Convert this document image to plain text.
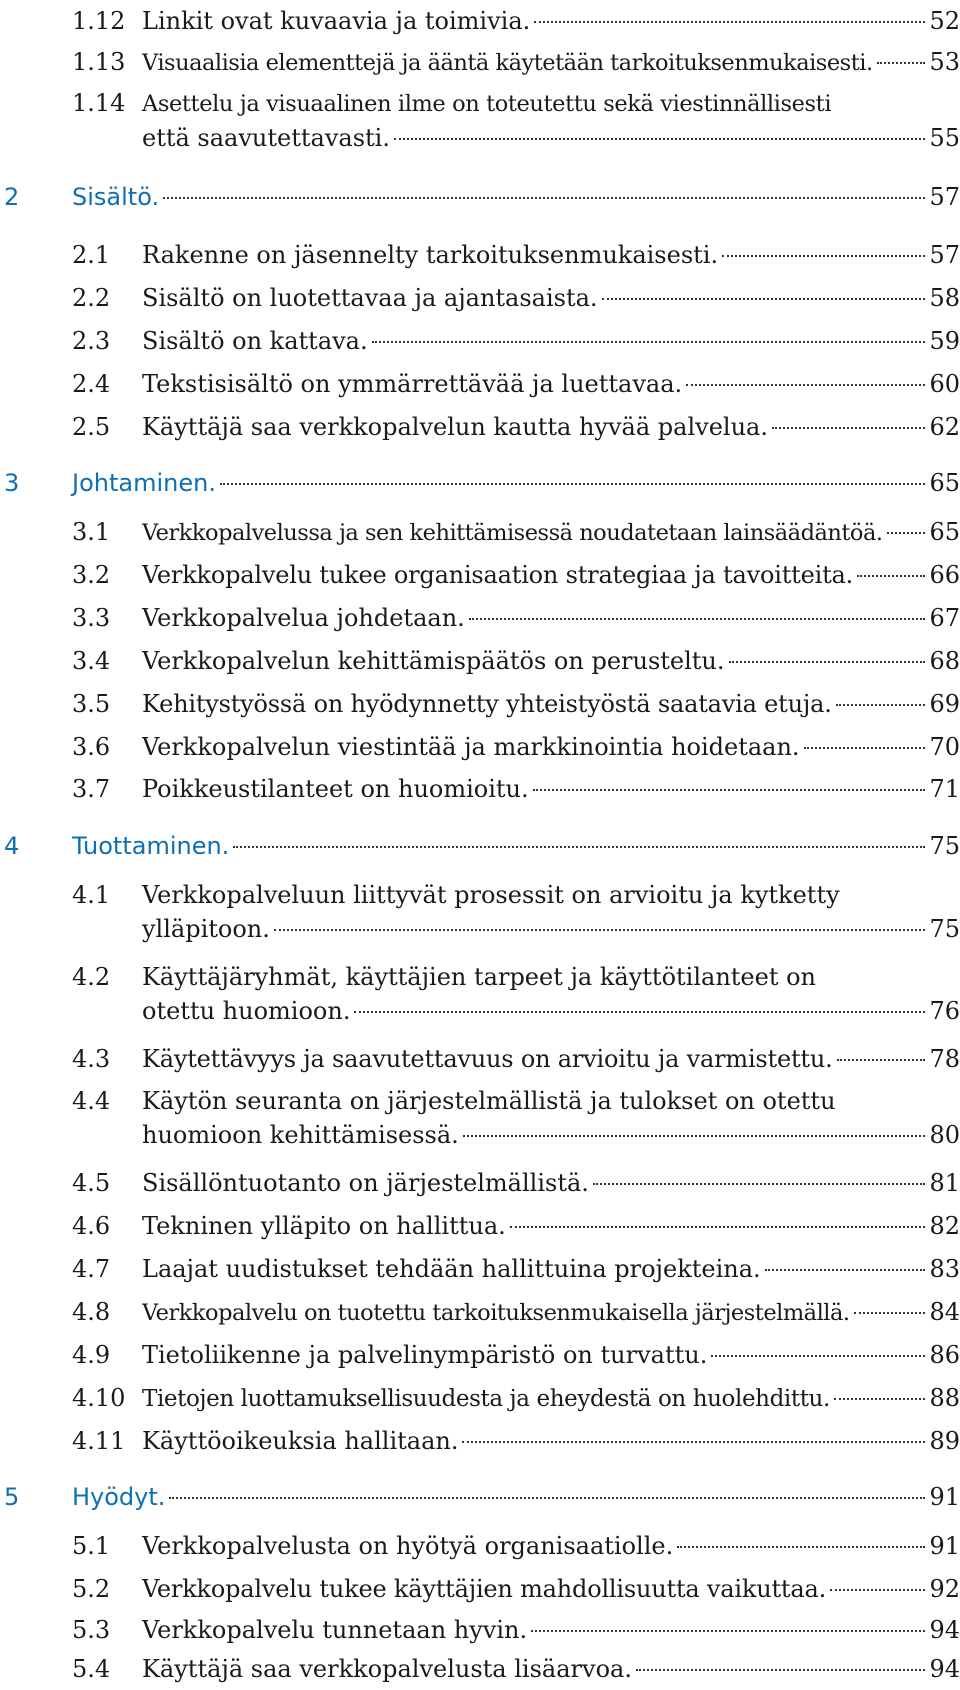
1.12 Linkit ovat kuvaavia ja toimivia.	52
1.13 Visuaalisia elementtejä ja ääntä käytetään tarkoituksenmukaisesti. 53
1.14 Asettelu ja visuaalinen ilme on toteutettu sekä viestinnällisesti
että saavutettavasti.	55
2	Sisältö.	57
2.1	Rakenne on jäsennelty tarkoituksenmukaisesti.	57
2.2	Sisältö on luotettavaa ja ajantasaista.	58
2.3	Sisältö on kattava.	59
2.4	Tekstisisältö on ymmärrettävää ja luettavaa.	60
2.5	Käyttäjä saa verkkopalvelun kautta hyvää palvelua.	62
3	Johtaminen.	65
3.1	Verkkopalvelussa ja sen kehittämisessä noudatetaan lainsäädäntöä. 65
3.2	Verkkopalvelu tukee organisaation strategiaa ja tavoitteita.	66
3.3	Verkkopalvelua johdetaan.	67
3.4	Verkkopalvelun kehittämispäätös on perusteltu.	68
3.5	Kehitystyössä on hyödynnetty yhteistyöstä saatavia etuja.	69
3.6	Verkkopalvelun viestintää ja markkinointia hoidetaan.	70
3.7	Poikkeustilanteet on huomioitu.	71
4	Tuottaminen.	75
4.1	Verkkopalveluun liittyvät prosessit on arvioitu ja kytketty
ylläpitoon.	75
4.2	Käyttäjäryhmät, käyttäjien tarpeet ja käyttötilanteet on
otettu huomioon.	76
4.3	Käytettävyys ja saavutettavuus on arvioitu ja varmistettu.	78
4.4	Käytön seuranta on järjestelmällistä ja tulokset on otettu
huomioon kehittämisessä.	80
4.5	Sisällöntuotanto on järjestelmällistä.	81
4.6	Tekninen ylläpito on hallittua.	82
4.7	Laajat uudistukset tehdään hallittuina projekteina.	83
4.8	Verkkopalvelu on tuotettu tarkoituksenmukaisella järjestelmällä.	84
4.9	Tietoliikenne ja palvelinympäristö on turvattu.	86
4.10 Tietojen luottamuksellisuudesta ja eheydestä on huolehdittu.	88
4.11 Käyttöoikeuksia hallitaan.	89
5	Hyödyt.	91
5.1	Verkkopalvelusta on hyötyä organisaatiolle.	91
5.2	Verkkopalvelu tukee käyttäjien mahdollisuutta vaikuttaa.	92
5.3	Verkkopalvelu tunnetaan hyvin.	94
5.4	Käyttäjä saa verkkopalvelusta lisäarvoa.	94
